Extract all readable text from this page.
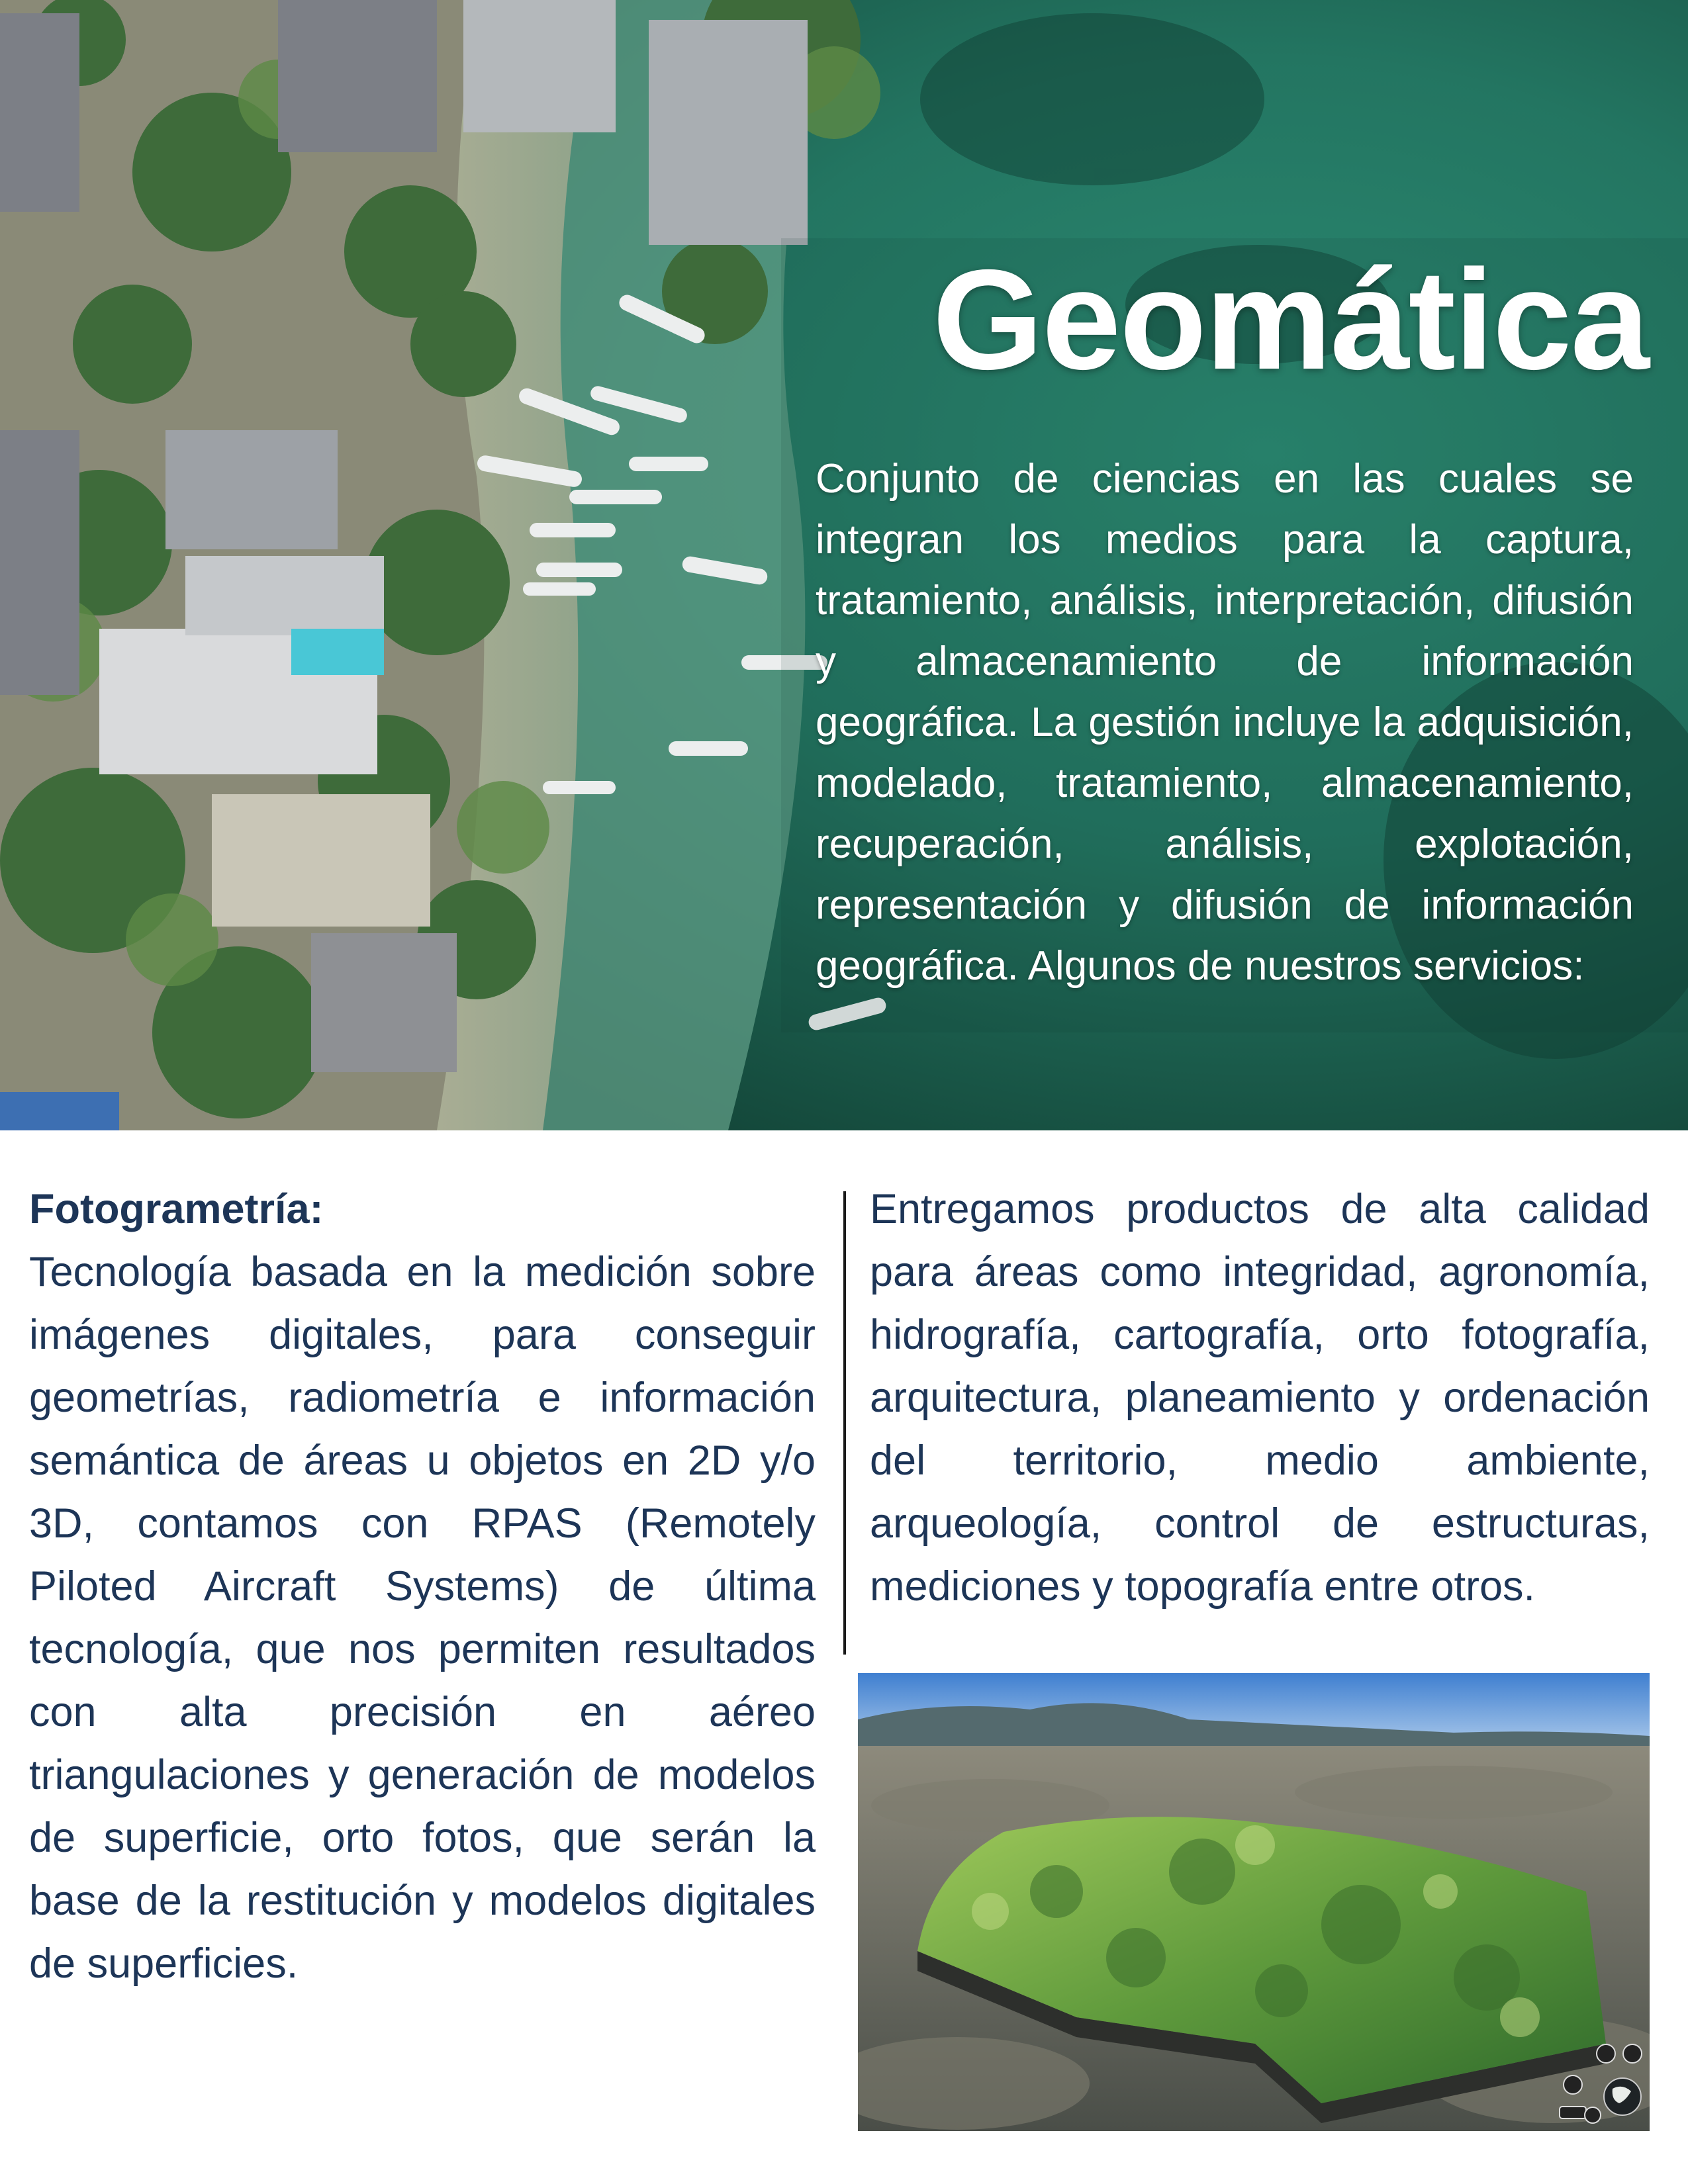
Geomática
Conjunto de ciencias en las cuales se integran los medios para la captura, tratamiento, análisis, interpretación, difusión y almacenamiento de información geográfica. La gestión incluye la adquisición, modelado, tratamiento, almacenamiento, recuperación, análisis, explotación, representación y difusión de información geográfica. Algunos de nuestros servicios:
Fotogrametría:
Tecnología basada en la medición sobre imágenes digitales, para conseguir geometrías, radiometría e información semántica de áreas u objetos en 2D y/o 3D, contamos con RPAS (Remotely Piloted Aircraft Systems) de última tecnología, que nos permiten resultados con alta precisión en aéreo triangulaciones y generación de modelos de superficie, orto fotos, que serán la base de la restitución y modelos digitales de superficies.
Entregamos productos de alta calidad para áreas como integridad, agronomía, hidrografía, cartografía, orto fotografía, arquitectura, planeamiento y ordenación del territorio, medio ambiente, arqueología, control de estructuras, mediciones y topografía entre otros.
